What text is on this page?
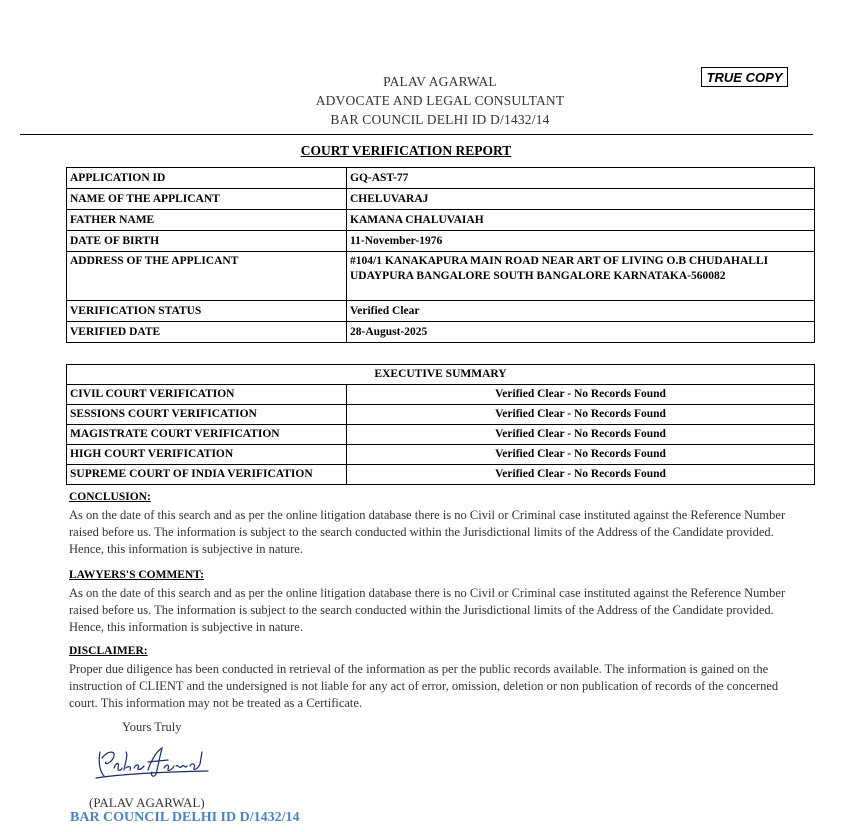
PALAV AGARWAL
ADVOCATE AND LEGAL CONSULTANT
BAR COUNCIL DELHI ID D/1432/14
TRUE COPY
COURT VERIFICATION REPORT
APPLICATION ID	GQ-AST-77
NAME OF THE APPLICANT	CHELUVARAJ
FATHER NAME	KAMANA CHALUVAIAH
DATE OF BIRTH	11-November-1976
ADDRESS OF THE APPLICANT	#104/1 KANAKAPURA MAIN ROAD NEAR ART OF LIVING O.B CHUDAHALLI UDAYPURA BANGALORE SOUTH BANGALORE KARNATAKA-560082
VERIFICATION STATUS	Verified Clear
VERIFIED DATE	28-August-2025
EXECUTIVE SUMMARY	
CIVIL COURT VERIFICATION	Verified Clear - No Records Found
SESSIONS COURT VERIFICATION	Verified Clear - No Records Found
MAGISTRATE COURT VERIFICATION	Verified Clear - No Records Found
HIGH COURT VERIFICATION	Verified Clear - No Records Found
SUPREME COURT OF INDIA VERIFICATION	Verified Clear - No Records Found
CONCLUSION:
As on the date of this search and as per the online litigation database there is no Civil or Criminal case instituted against the Reference Number raised before us. The information is subject to the search conducted within the Jurisdictional limits of the Address of the Candidate provided. Hence, this information is subjective in nature.
LAWYERS'S COMMENT:
As on the date of this search and as per the online litigation database there is no Civil or Criminal case instituted against the Reference Number raised before us. The information is subject to the search conducted within the Jurisdictional limits of the Address of the Candidate provided. Hence, this information is subjective in nature.
DISCLAIMER:
Proper due diligence has been conducted in retrieval of the information as per the public records available. The information is gained on the instruction of CLIENT and the undersigned is not liable for any act of error, omission, deletion or non publication of records of the concerned court. This information may not be treated as a Certificate.
Yours Truly
(PALAV AGARWAL)
BAR COUNCIL DELHI ID D/1432/14
